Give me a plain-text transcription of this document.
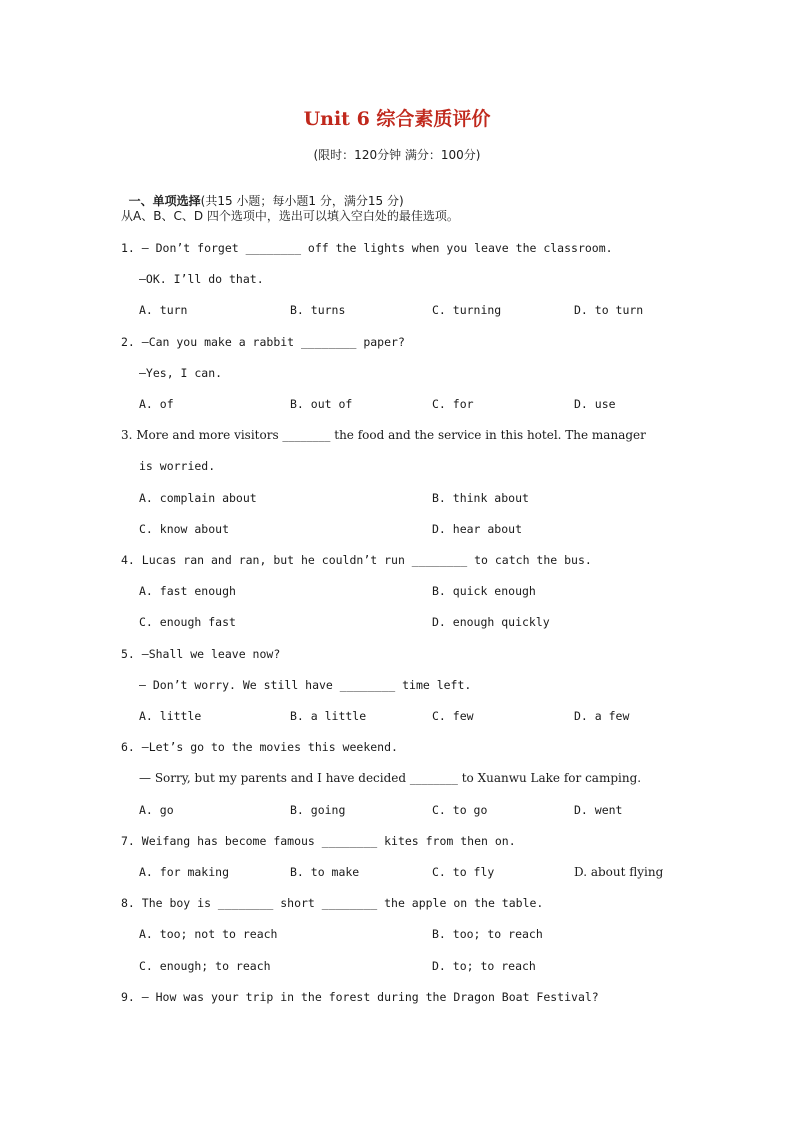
Unit 6 综合素质评价
(限时：120分钟 满分：100分)

一、单项选择(共15 小题；每小题1 分，满分15 分)

从A、B、C、D 四个选项中，选出可以填入空白处的最佳选项。
1. — Don’t forget ________ off the lights when you leave the classroom.
—OK. I’ll do that.
A. turn	B. turns	C. turning	D. to turn
2. —Can you make a rabbit ________ paper?
—Yes, I can.
A. of	B. out of	C. for	D. use
3. More and more visitors ________ the food and the service in this hotel. The manager
is worried.
A. complain about	B. think about
C. know about	D. hear about
4. Lucas ran and ran, but he couldn’t run ________ to catch the bus.
A. fast enough	B. quick enough
C. enough fast	D. enough quickly
5. —Shall we leave now?
— Don’t worry. We still have ________ time left.
A. little	B. a little	C. few	D. a few
6. —Let’s go to the movies this weekend.
— Sorry, but my parents and I have decided ________ to Xuanwu Lake for camping.
A. go	B. going	C. to go	D. went
7. Weifang has become famous ________ kites from then on.
A. for making	B. to make	C. to fly	D. about flying
8. The boy is ________ short ________ the apple on the table.
A. too; not to reach	B. too; to reach
C. enough; to reach	D. to; to reach
9. — How was your trip in the forest during the Dragon Boat Festival?
